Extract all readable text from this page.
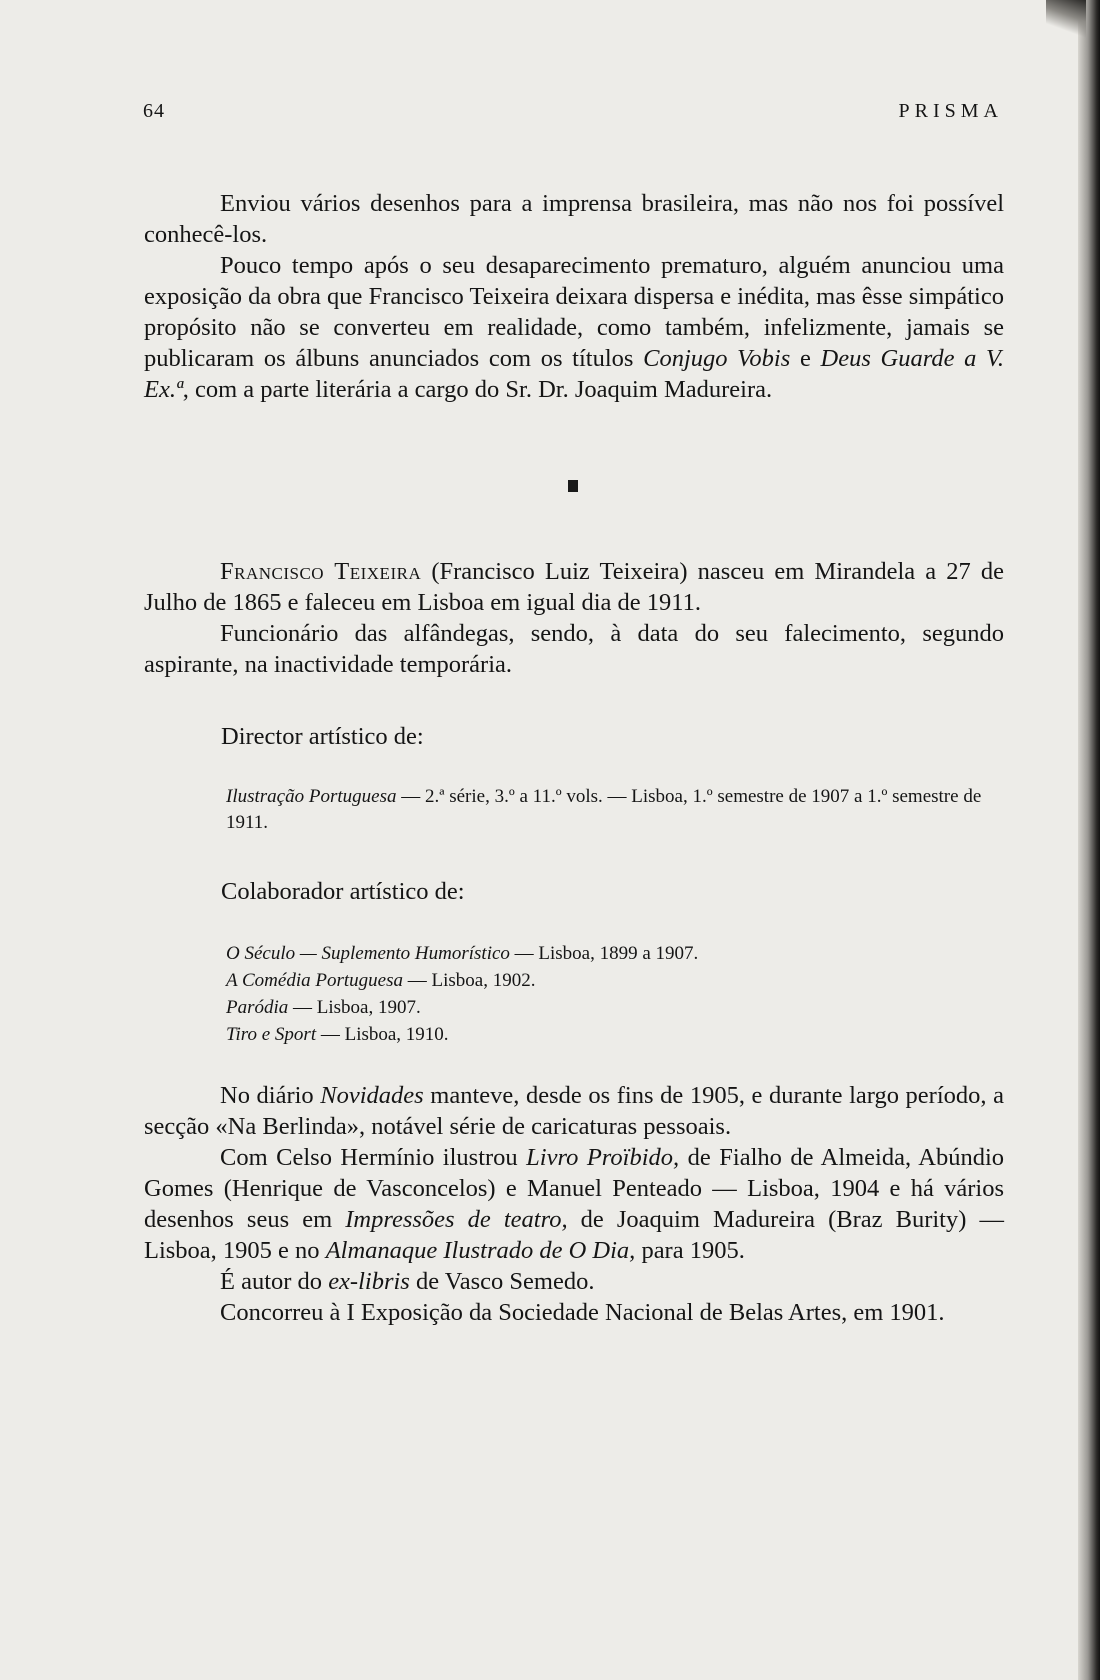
64	PRISMA

Enviou vários desenhos para a imprensa brasileira, mas não nos foi possível conhecê-los.

Pouco tempo após o seu desaparecimento prematuro, alguém anunciou uma exposição da obra que Francisco Teixeira deixara dispersa e inédita, mas êsse simpático propósito não se converteu em realidade, como também, infelizmente, jamais se publicaram os álbuns anunciados com os títulos Conjugo Vobis e Deus Guarde a V. Ex.ª, com a parte literária a cargo do Sr. Dr. Joaquim Madureira.

Francisco Teixeira (Francisco Luiz Teixeira) nasceu em Mirandela a 27 de Julho de 1865 e faleceu em Lisboa em igual dia de 1911.

Funcionário das alfândegas, sendo, à data do seu falecimento, segundo aspirante, na inactividade temporária.

Director artístico de:
Ilustração Portuguesa — 2.ª série, 3.º a 11.º vols. — Lisboa, 1.º semestre de 1907 a 1.º semestre de 1911.
Colaborador artístico de:
O Século — Suplemento Humorístico — Lisboa, 1899 a 1907.
A Comédia Portuguesa — Lisboa, 1902.
Paródia — Lisboa, 1907.
Tiro e Sport — Lisboa, 1910.

No diário Novidades manteve, desde os fins de 1905, e durante largo período, a secção «Na Berlinda», notável série de caricaturas pessoais.

Com Celso Hermínio ilustrou Livro Proïbido, de Fialho de Almeida, Abúndio Gomes (Henrique de Vasconcelos) e Manuel Penteado — Lisboa, 1904 e há vários desenhos seus em Impressões de teatro, de Joaquim Madureira (Braz Burity) — Lisboa, 1905 e no Almanaque Ilustrado de O Dia, para 1905.

É autor do ex-libris de Vasco Semedo.

Concorreu à I Exposição da Sociedade Nacional de Belas Artes, em 1901.
